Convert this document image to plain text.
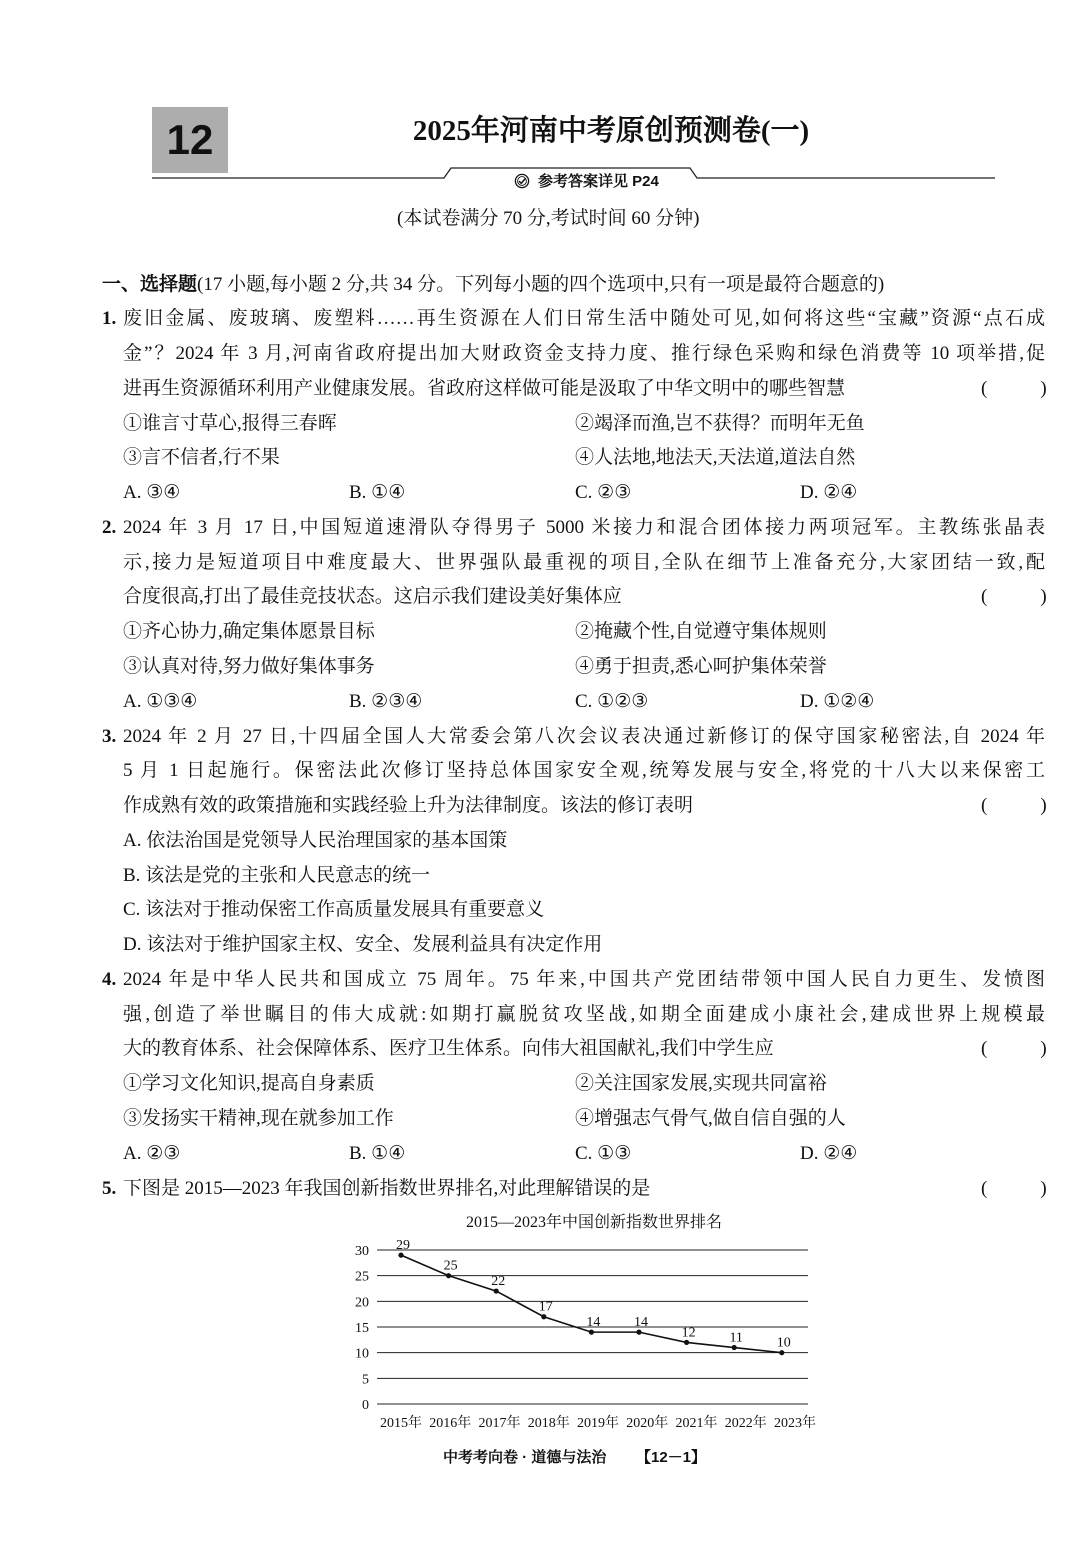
12	2025年河南中考原创预测卷(一)
参考答案详见 P24
(本试卷满分 70 分,考试时间 60 分钟)
一、选择题(17 小题,每小题 2 分,共 34 分。下列每小题的四个选项中,只有一项是最符合题意的)
1. 废旧金属、废玻璃、废塑料……再生资源在人们日常生活中随处可见,如何将这些“宝藏”资源“点石成
金”？2024 年 3 月,河南省政府提出加大财政资金支持力度、推行绿色采购和绿色消费等 10 项举措,促
进再生资源循环利用产业健康发展。省政府这样做可能是汲取了中华文明中的哪些智慧	(　　)
①谁言寸草心,报得三春晖	②竭泽而渔,岂不获得？而明年无鱼
③言不信者,行不果	④人法地,地法天,天法道,道法自然
A. ③④	B. ①④	C. ②③	D. ②④
2. 2024 年 3 月 17 日,中国短道速滑队夺得男子 5000 米接力和混合团体接力两项冠军。主教练张晶表
示,接力是短道项目中难度最大、世界强队最重视的项目,全队在细节上准备充分,大家团结一致,配
合度很高,打出了最佳竞技状态。这启示我们建设美好集体应	(　　)
①齐心协力,确定集体愿景目标	②掩藏个性,自觉遵守集体规则
③认真对待,努力做好集体事务	④勇于担责,悉心呵护集体荣誉
A. ①③④	B. ②③④	C. ①②③	D. ①②④
3. 2024 年 2 月 27 日,十四届全国人大常委会第八次会议表决通过新修订的保守国家秘密法,自 2024 年
5 月 1 日起施行。保密法此次修订坚持总体国家安全观,统筹发展与安全,将党的十八大以来保密工
作成熟有效的政策措施和实践经验上升为法律制度。该法的修订表明	(　　)
A. 依法治国是党领导人民治理国家的基本国策
B. 该法是党的主张和人民意志的统一
C. 该法对于推动保密工作高质量发展具有重要意义
D. 该法对于维护国家主权、安全、发展利益具有决定作用
4. 2024 年是中华人民共和国成立 75 周年。75 年来,中国共产党团结带领中国人民自力更生、发愤图
强,创造了举世瞩目的伟大成就:如期打赢脱贫攻坚战,如期全面建成小康社会,建成世界上规模最
大的教育体系、社会保障体系、医疗卫生体系。向伟大祖国献礼,我们中学生应	(　　)
①学习文化知识,提高自身素质	②关注国家发展,实现共同富裕
③发扬实干精神,现在就参加工作	④增强志气骨气,做自信自强的人
A. ②③	B. ①④	C. ①③	D. ②④
5. 下图是 2015—2023 年我国创新指数世界排名,对此理解错误的是	(　　)
2015—2023年中国创新指数世界排名
0
5
10
15
20
25
30
2015年 2016年 2017年 2018年 2019年 2020年 2021年 2022年 2023年
29
25
22
17
14 14
12 11 10
中考考向卷 · 道德与法治 【12－1】
